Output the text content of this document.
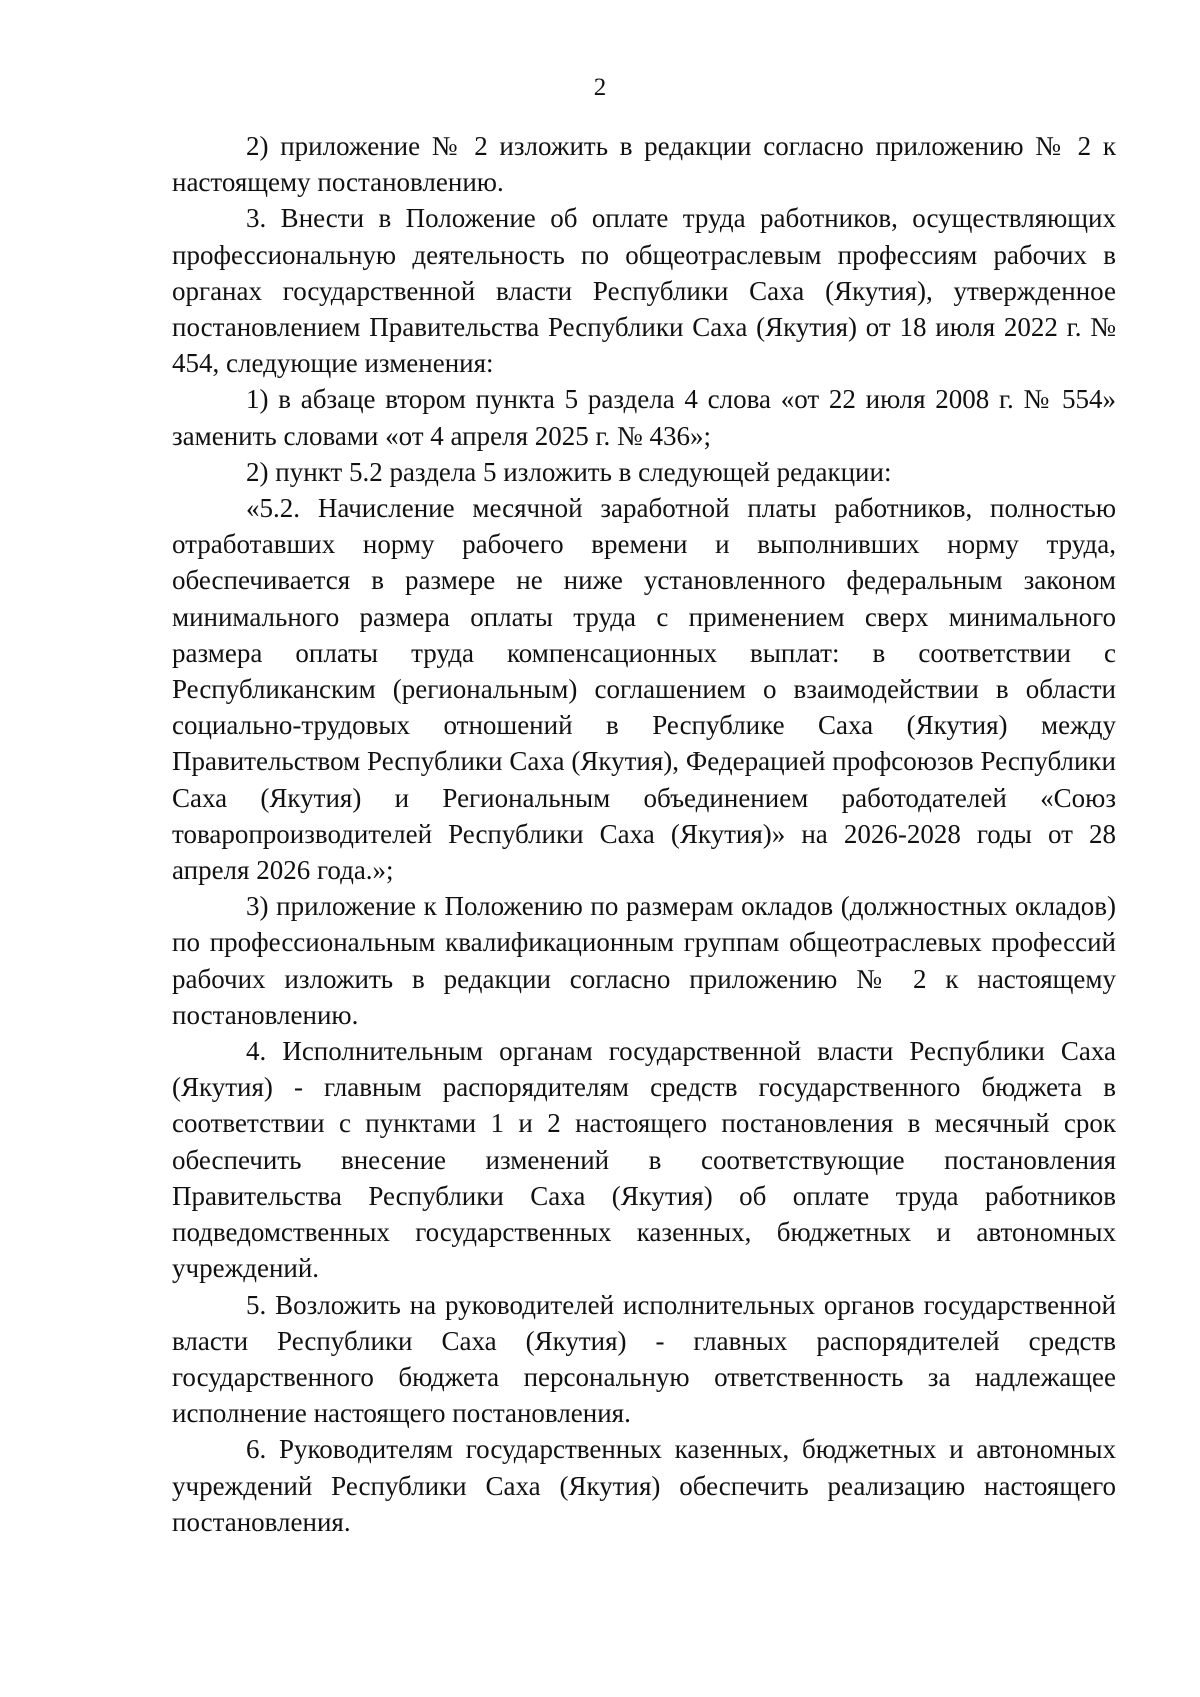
2

2) приложение № 2 изложить в редакции согласно приложению № 2 к настоящему постановлению.

3. Внести в Положение об оплате труда работников, осуществляющих профессиональную деятельность по общеотраслевым профессиям рабочих в органах государственной власти Республики Саха (Якутия), утвержденное постановлением Правительства Республики Саха (Якутия) от 18 июля 2022 г. № 454, следующие изменения:

1) в абзаце втором пункта 5 раздела 4 слова «от 22 июля 2008 г. № 554» заменить словами «от 4 апреля 2025 г. № 436»;

2) пункт 5.2 раздела 5 изложить в следующей редакции:

«5.2. Начисление месячной заработной платы работников, полностью отработавших норму рабочего времени и выполнивших норму труда, обеспечивается в размере не ниже установленного федеральным законом минимального размера оплаты труда с применением сверх минимального размера оплаты труда компенсационных выплат: в соответствии с Республиканским (региональным) соглашением о взаимодействии в области социально-трудовых отношений в Республике Саха (Якутия) между Правительством Республики Саха (Якутия), Федерацией профсоюзов Республики Саха (Якутия) и Региональным объединением работодателей «Союз товаропроизводителей Республики Саха (Якутия)» на 2026-2028 годы от 28 апреля 2026 года.»;

3) приложение к Положению по размерам окладов (должностных окладов) по профессиональным квалификационным группам общеотраслевых профессий рабочих изложить в редакции согласно приложению № 2 к настоящему постановлению.

4. Исполнительным органам государственной власти Республики Саха (Якутия) - главным распорядителям средств государственного бюджета в соответствии с пунктами 1 и 2 настоящего постановления в месячный срок обеспечить внесение изменений в соответствующие постановления Правительства Республики Саха (Якутия) об оплате труда работников подведомственных государственных казенных, бюджетных и автономных учреждений.

5. Возложить на руководителей исполнительных органов государственной власти Республики Саха (Якутия) - главных распорядителей средств государственного бюджета персональную ответственность за надлежащее исполнение настоящего постановления.

6. Руководителям государственных казенных, бюджетных и автономных учреждений Республики Саха (Якутия) обеспечить реализацию настоящего постановления.
